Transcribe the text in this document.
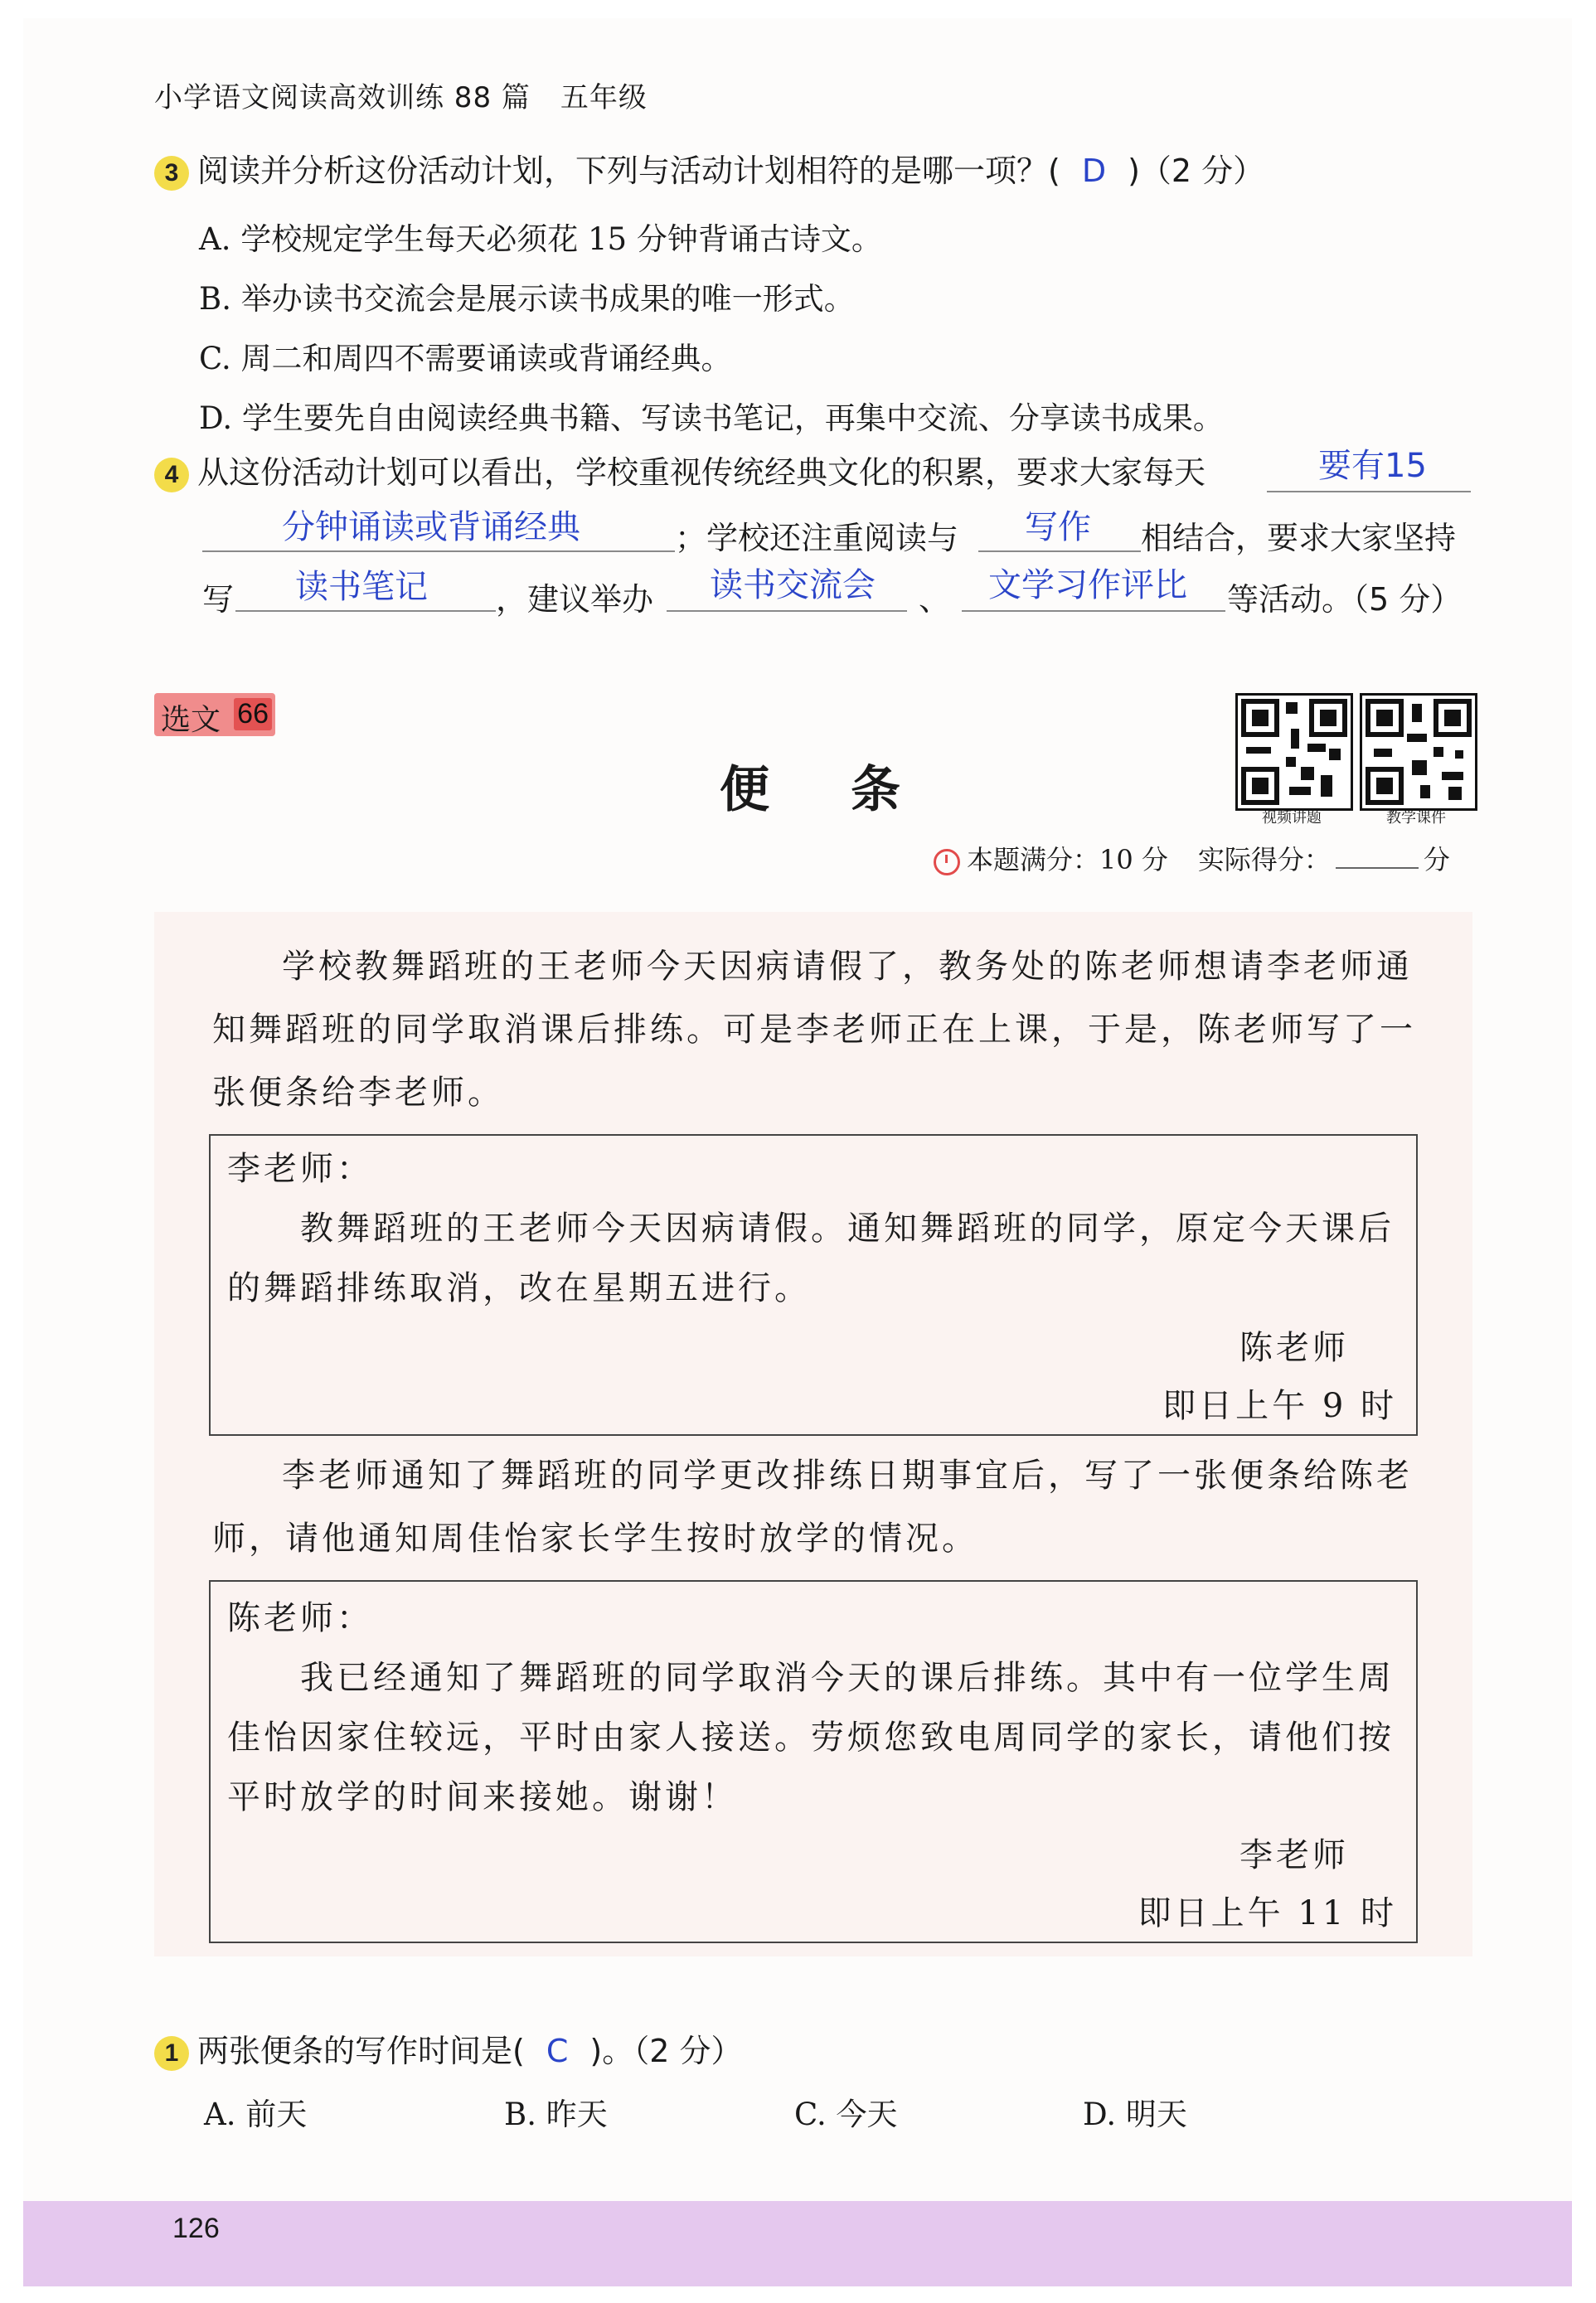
小学语文阅读高效训练 88 篇 五年级
3 阅读并分析这份活动计划，下列与活动计划相符的是哪一项？( D )（2 分）
A. 学校规定学生每天必须花 15 分钟背诵古诗文。
B. 举办读书交流会是展示读书成果的唯一形式。
C. 周二和周四不需要诵读或背诵经典。
D. 学生要先自由阅读经典书籍、写读书笔记，再集中交流、分享读书成果。
4 从这份活动计划可以看出，学校重视传统经典文化的积累，要求大家每天	要有15
分钟诵读或背诵经典	；学校还注重阅读与 写作 相结合，要求大家坚持
写 读书笔记 ，建议举办 读书交流会 、 文学习作评比 等活动。（5 分）
选文 66
便条	视频讲题	教学课件
本题满分：10 分 实际得分：	分
学校教舞蹈班的王老师今天因病请假了，教务处的陈老师想请李老师通
知舞蹈班的同学取消课后排练。可是李老师正在上课，于是，陈老师写了一
张便条给李老师。
李老师：
教舞蹈班的王老师今天因病请假。通知舞蹈班的同学，原定今天课后
的舞蹈排练取消，改在星期五进行。
陈老师
即日上午 9 时
李老师通知了舞蹈班的同学更改排练日期事宜后，写了一张便条给陈老
师，请他通知周佳怡家长学生按时放学的情况。
陈老师：
我已经通知了舞蹈班的同学取消今天的课后排练。其中有一位学生周
佳怡因家住较远，平时由家人接送。劳烦您致电周同学的家长，请他们按
平时放学的时间来接她。谢谢！
李老师
即日上午 11 时
1 两张便条的写作时间是( C )。（2 分）
A. 前天	B. 昨天	C. 今天	D. 明天
126
